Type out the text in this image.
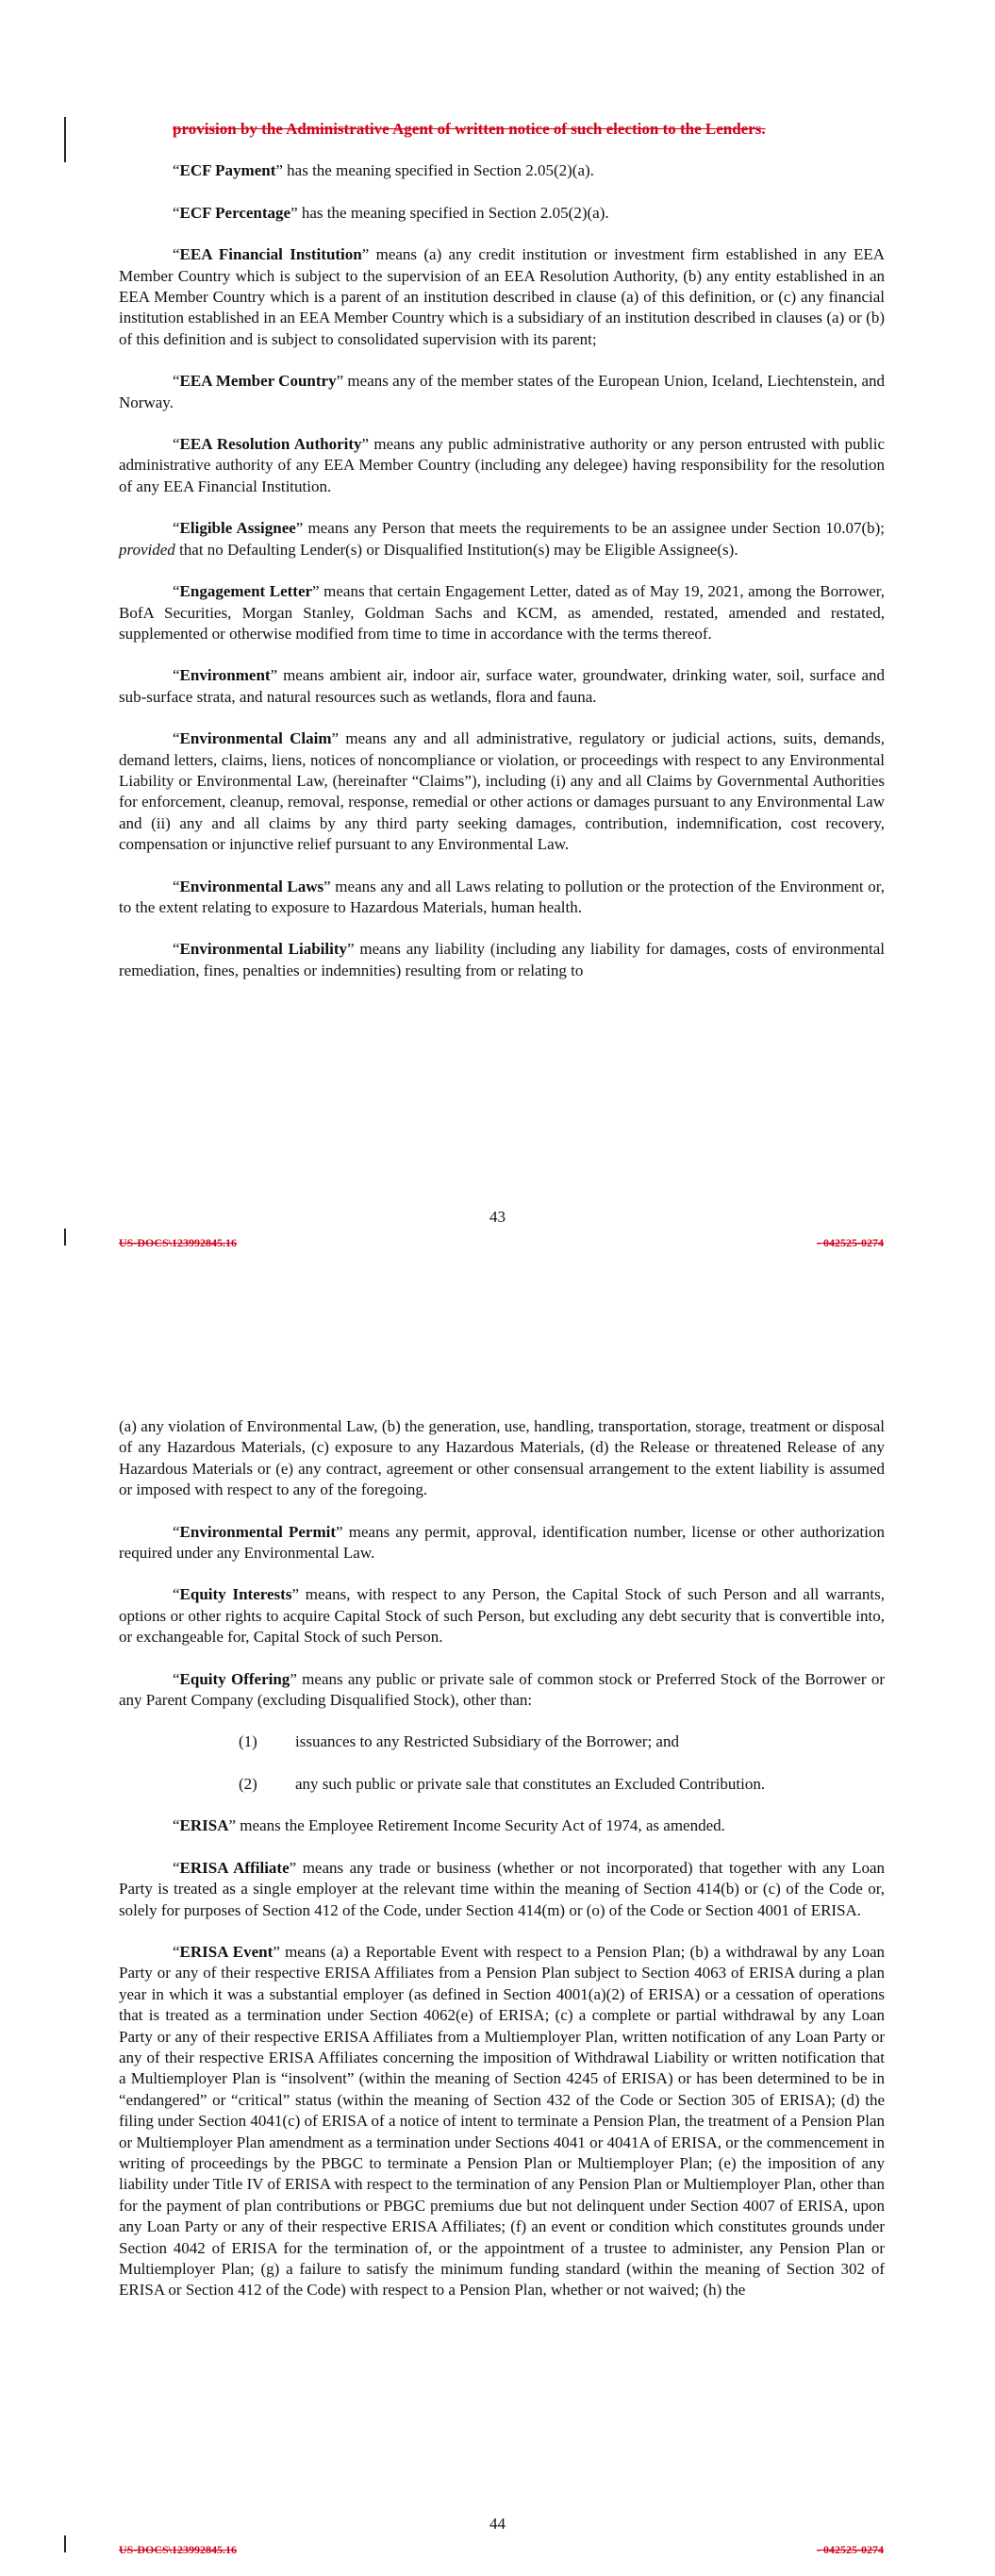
provision by the Administrative Agent of written notice of such election to the Lenders.

“ECF Payment” has the meaning specified in Section 2.05(2)(a).

“ECF Percentage” has the meaning specified in Section 2.05(2)(a).

“EEA Financial Institution” means (a) any credit institution or investment firm established in any EEA Member Country which is subject to the supervision of an EEA Resolution Authority, (b) any entity established in an EEA Member Country which is a parent of an institution described in clause (a) of this definition, or (c) any financial institution established in an EEA Member Country which is a subsidiary of an institution described in clauses (a) or (b) of this definition and is subject to consolidated supervision with its parent;

“EEA Member Country” means any of the member states of the European Union, Iceland, Liechtenstein, and Norway.

“EEA Resolution Authority” means any public administrative authority or any person entrusted with public administrative authority of any EEA Member Country (including any delegee) having responsibility for the resolution of any EEA Financial Institution.

“Eligible Assignee” means any Person that meets the requirements to be an assignee under Section 10.07(b); provided that no Defaulting Lender(s) or Disqualified Institution(s) may be Eligible Assignee(s).

“Engagement Letter” means that certain Engagement Letter, dated as of May 19, 2021, among the Borrower, BofA Securities, Morgan Stanley, Goldman Sachs and KCM, as amended, restated, amended and restated, supplemented or otherwise modified from time to time in accordance with the terms thereof.

“Environment” means ambient air, indoor air, surface water, groundwater, drinking water, soil, surface and sub-surface strata, and natural resources such as wetlands, flora and fauna.

“Environmental Claim” means any and all administrative, regulatory or judicial actions, suits, demands, demand letters, claims, liens, notices of noncompliance or violation, or proceedings with respect to any Environmental Liability or Environmental Law, (hereinafter “Claims”), including (i) any and all Claims by Governmental Authorities for enforcement, cleanup, removal, response, remedial or other actions or damages pursuant to any Environmental Law and (ii) any and all claims by any third party seeking damages, contribution, indemnification, cost recovery, compensation or injunctive relief pursuant to any Environmental Law.

“Environmental Laws” means any and all Laws relating to pollution or the protection of the Environment or, to the extent relating to exposure to Hazardous Materials, human health.

“Environmental Liability” means any liability (including any liability for damages, costs of environmental remediation, fines, penalties or indemnities) resulting from or relating to

43
US-DOCS\123992845.16	- 042525-0274

(a) any violation of Environmental Law, (b) the generation, use, handling, transportation, storage, treatment or disposal of any Hazardous Materials, (c) exposure to any Hazardous Materials, (d) the Release or threatened Release of any Hazardous Materials or (e) any contract, agreement or other consensual arrangement to the extent liability is assumed or imposed with respect to any of the foregoing.

“Environmental Permit” means any permit, approval, identification number, license or other authorization required under any Environmental Law.

“Equity Interests” means, with respect to any Person, the Capital Stock of such Person and all warrants, options or other rights to acquire Capital Stock of such Person, but excluding any debt security that is convertible into, or exchangeable for, Capital Stock of such Person.

“Equity Offering” means any public or private sale of common stock or Preferred Stock of the Borrower or any Parent Company (excluding Disqualified Stock), other than:

(1)	issuances to any Restricted Subsidiary of the Borrower; and
(2)	any such public or private sale that constitutes an Excluded Contribution.

“ERISA” means the Employee Retirement Income Security Act of 1974, as amended.

“ERISA Affiliate” means any trade or business (whether or not incorporated) that together with any Loan Party is treated as a single employer at the relevant time within the meaning of Section 414(b) or (c) of the Code or, solely for purposes of Section 412 of the Code, under Section 414(m) or (o) of the Code or Section 4001 of ERISA.

“ERISA Event” means (a) a Reportable Event with respect to a Pension Plan; (b) a withdrawal by any Loan Party or any of their respective ERISA Affiliates from a Pension Plan subject to Section 4063 of ERISA during a plan year in which it was a substantial employer (as defined in Section 4001(a)(2) of ERISA) or a cessation of operations that is treated as a termination under Section 4062(e) of ERISA; (c) a complete or partial withdrawal by any Loan Party or any of their respective ERISA Affiliates from a Multiemployer Plan, written notification of any Loan Party or any of their respective ERISA Affiliates concerning the imposition of Withdrawal Liability or written notification that a Multiemployer Plan is “insolvent” (within the meaning of Section 4245 of ERISA) or has been determined to be in “endangered” or “critical” status (within the meaning of Section 432 of the Code or Section 305 of ERISA); (d) the filing under Section 4041(c) of ERISA of a notice of intent to terminate a Pension Plan, the treatment of a Pension Plan or Multiemployer Plan amendment as a termination under Sections 4041 or 4041A of ERISA, or the commencement in writing of proceedings by the PBGC to terminate a Pension Plan or Multiemployer Plan; (e) the imposition of any liability under Title IV of ERISA with respect to the termination of any Pension Plan or Multiemployer Plan, other than for the payment of plan contributions or PBGC premiums due but not delinquent under Section 4007 of ERISA, upon any Loan Party or any of their respective ERISA Affiliates; (f) an event or condition which constitutes grounds under Section 4042 of ERISA for the termination of, or the appointment of a trustee to administer, any Pension Plan or Multiemployer Plan; (g) a failure to satisfy the minimum funding standard (within the meaning of Section 302 of ERISA or Section 412 of the Code) with respect to a Pension Plan, whether or not waived; (h) the

44
US-DOCS\123992845.16	- 042525-0274
